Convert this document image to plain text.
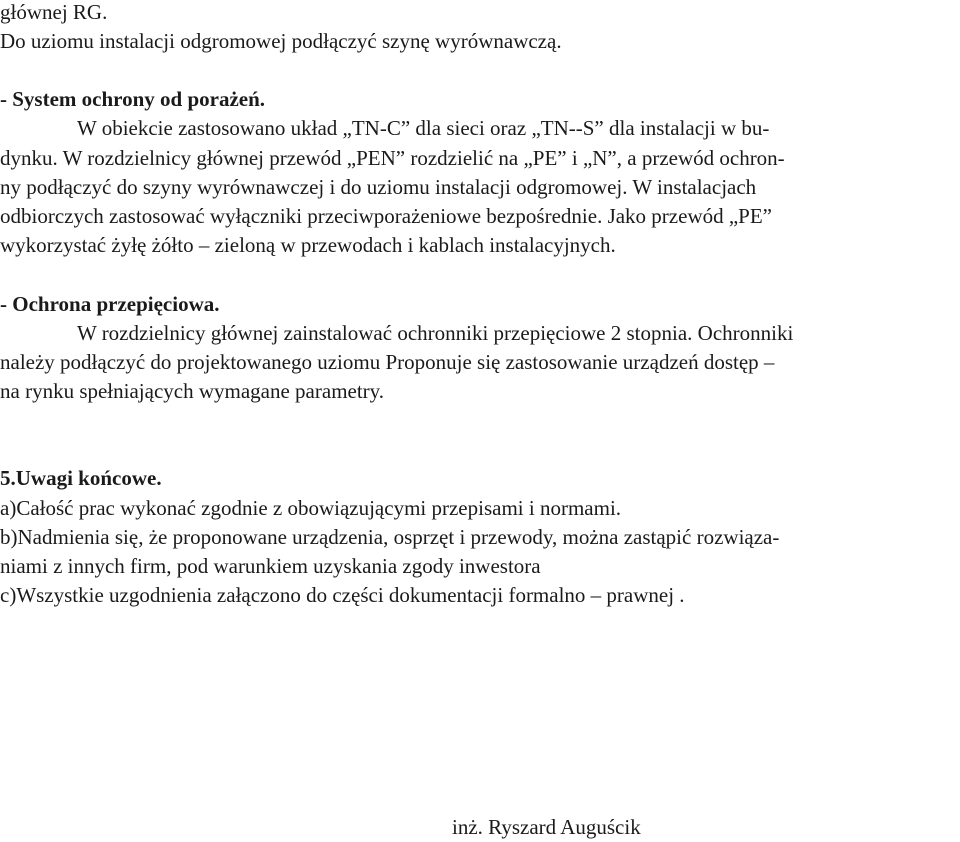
głównej RG.
Do uziomu instalacji odgromowej podłączyć szynę wyrównawczą.
- System ochrony od porażeń.
W obiekcie zastosowano układ „TN-C” dla sieci oraz „TN--S” dla instalacji w bu-
dynku. W rozdzielnicy głównej przewód „PEN” rozdzielić na „PE” i „N”, a przewód ochron-
ny podłączyć do szyny wyrównawczej i do uziomu instalacji odgromowej. W instalacjach
odbiorczych zastosować wyłączniki przeciwporażeniowe bezpośrednie. Jako przewód „PE”
wykorzystać żyłę żółto – zieloną w przewodach i kablach instalacyjnych.
- Ochrona przepięciowa.
W rozdzielnicy głównej zainstalować ochronniki przepięciowe 2 stopnia. Ochronniki
należy podłączyć do projektowanego uziomu Proponuje się zastosowanie urządzeń dostęp –
na rynku spełniających wymagane parametry.
5.Uwagi końcowe.
a)Całość prac wykonać zgodnie z obowiązującymi przepisami i normami.
b)Nadmienia się, że proponowane urządzenia, osprzęt i przewody, można zastąpić rozwiąza-
niami z innych firm, pod warunkiem uzyskania zgody inwestora
c)Wszystkie uzgodnienia załączono do części dokumentacji formalno – prawnej .
inż. Ryszard Auguścik
